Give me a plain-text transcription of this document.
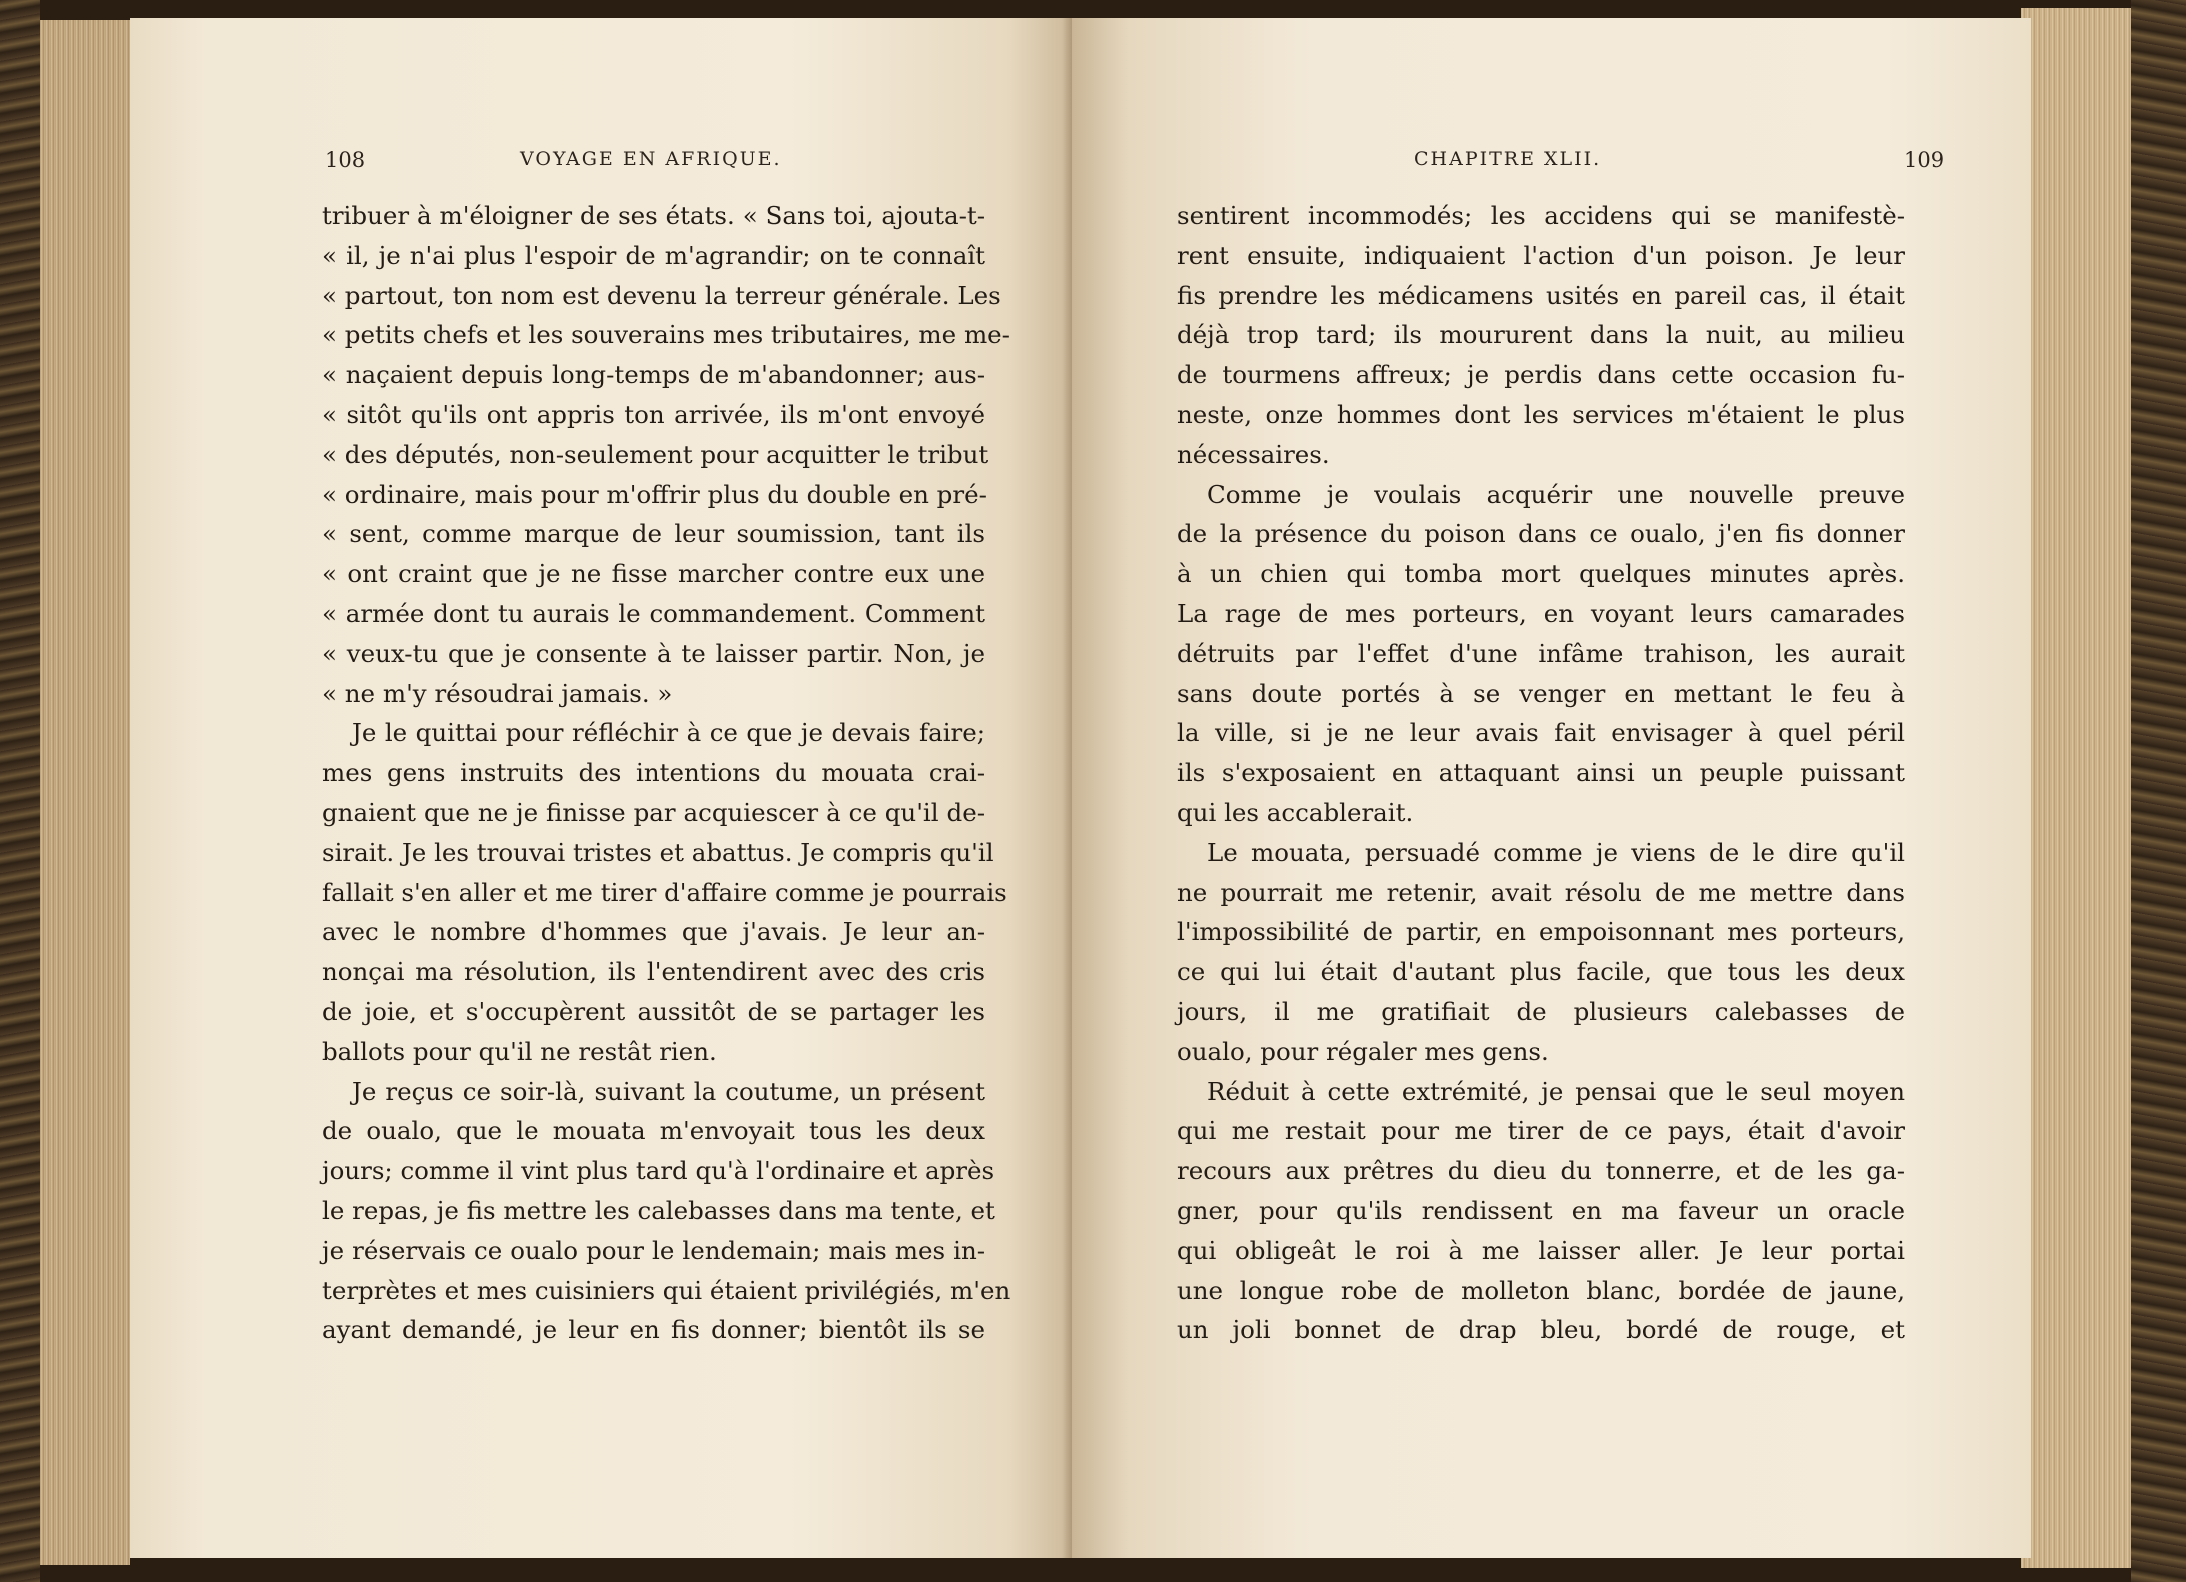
108	VOYAGE EN AFRIQUE.
tribuer à m'éloigner de ses états. « Sans toi, ajouta-t-
« il, je n'ai plus l'espoir de m'agrandir; on te connaît
« partout, ton nom est devenu la terreur générale. Les
« petits chefs et les souverains mes tributaires, me me-
« naçaient depuis long-temps de m'abandonner; aus-
« sitôt qu'ils ont appris ton arrivée, ils m'ont envoyé
« des députés, non-seulement pour acquitter le tribut
« ordinaire, mais pour m'offrir plus du double en pré-
« sent, comme marque de leur soumission, tant ils
« ont craint que je ne fisse marcher contre eux une
« armée dont tu aurais le commandement. Comment
« veux-tu que je consente à te laisser partir. Non, je
« ne m'y résoudrai jamais. »
Je le quittai pour réfléchir à ce que je devais faire;
mes gens instruits des intentions du mouata crai-
gnaient que ne je finisse par acquiescer à ce qu'il de-
sirait. Je les trouvai tristes et abattus. Je compris qu'il
fallait s'en aller et me tirer d'affaire comme je pourrais
avec le nombre d'hommes que j'avais. Je leur an-
nonçai ma résolution, ils l'entendirent avec des cris
de joie, et s'occupèrent aussitôt de se partager les
ballots pour qu'il ne restât rien.
Je reçus ce soir-là, suivant la coutume, un présent
de oualo, que le mouata m'envoyait tous les deux
jours; comme il vint plus tard qu'à l'ordinaire et après
le repas, je fis mettre les calebasses dans ma tente, et
je réservais ce oualo pour le lendemain; mais mes in-
terprètes et mes cuisiniers qui étaient privilégiés, m'en
ayant demandé, je leur en fis donner; bientôt ils se
CHAPITRE XLII.	109
sentirent incommodés; les accidens qui se manifestè-
rent ensuite, indiquaient l'action d'un poison. Je leur
fis prendre les médicamens usités en pareil cas, il était
déjà trop tard; ils moururent dans la nuit, au milieu
de tourmens affreux; je perdis dans cette occasion fu-
neste, onze hommes dont les services m'étaient le plus
nécessaires.
Comme je voulais acquérir une nouvelle preuve
de la présence du poison dans ce oualo, j'en fis donner
à un chien qui tomba mort quelques minutes après.
La rage de mes porteurs, en voyant leurs camarades
détruits par l'effet d'une infâme trahison, les aurait
sans doute portés à se venger en mettant le feu à
la ville, si je ne leur avais fait envisager à quel péril
ils s'exposaient en attaquant ainsi un peuple puissant
qui les accablerait.
Le mouata, persuadé comme je viens de le dire qu'il
ne pourrait me retenir, avait résolu de me mettre dans
l'impossibilité de partir, en empoisonnant mes porteurs,
ce qui lui était d'autant plus facile, que tous les deux
jours, il me gratifiait de plusieurs calebasses de
oualo, pour régaler mes gens.
Réduit à cette extrémité, je pensai que le seul moyen
qui me restait pour me tirer de ce pays, était d'avoir
recours aux prêtres du dieu du tonnerre, et de les ga-
gner, pour qu'ils rendissent en ma faveur un oracle
qui obligeât le roi à me laisser aller. Je leur portai
une longue robe de molleton blanc, bordée de jaune,
un joli bonnet de drap bleu, bordé de rouge, et
